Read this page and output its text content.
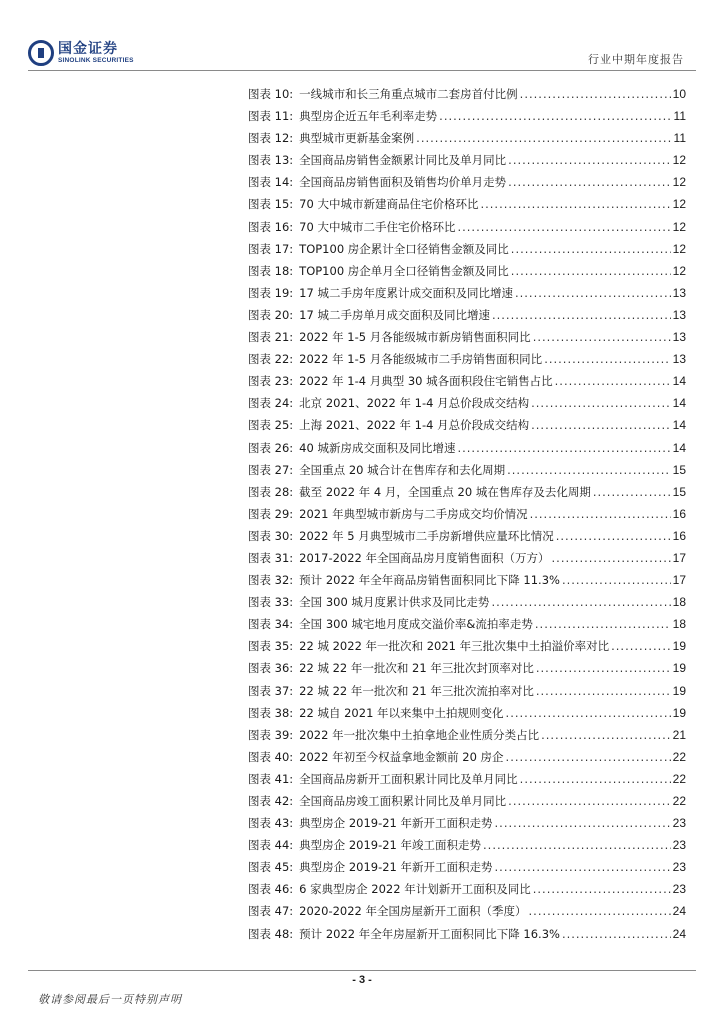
国金证券
SINOLINK SECURITIES	行业中期年度报告
图表 10: 一线城市和长三角重点城市二套房首付比例 .....	10
图表 11: 典型房企近五年毛利率走势 .....	11
图表 12: 典型城市更新基金案例 .....	11
图表 13: 全国商品房销售金额累计同比及单月同比 .....	12
图表 14: 全国商品房销售面积及销售均价单月走势 .....	12
图表 15: 70 大中城市新建商品住宅价格环比 .....	12
图表 16: 70 大中城市二手住宅价格环比 .....	12
图表 17: TOP100 房企累计全口径销售金额及同比 .....	12
图表 18: TOP100 房企单月全口径销售金额及同比 .....	12
图表 19: 17 城二手房年度累计成交面积及同比增速 .....	13
图表 20: 17 城二手房单月成交面积及同比增速 .....	13
图表 21: 2022 年 1-5 月各能级城市新房销售面积同比 .....	13
图表 22: 2022 年 1-5 月各能级城市二手房销售面积同比 .....	13
图表 23: 2022 年 1-4 月典型 30 城各面积段住宅销售占比 .....	14
图表 24: 北京 2021、2022 年 1-4 月总价段成交结构 .....	14
图表 25: 上海 2021、2022 年 1-4 月总价段成交结构 .....	14
图表 26: 40 城新房成交面积及同比增速 .....	14
图表 27: 全国重点 20 城合计在售库存和去化周期 .....	15
图表 28: 截至 2022 年 4 月，全国重点 20 城在售库存及去化周期 .....	15
图表 29: 2021 年典型城市新房与二手房成交均价情况 .....	16
图表 30: 2022 年 5 月典型城市二手房新增供应量环比情况 .....	16
图表 31: 2017-2022 年全国商品房月度销售面积（万方） .....	17
图表 32: 预计 2022 年全年商品房销售面积同比下降 11.3% .....	17
图表 33: 全国 300 城月度累计供求及同比走势 .....	18
图表 34: 全国 300 城宅地月度成交溢价率&流拍率走势 .....	18
图表 35: 22 城 2022 年一批次和 2021 年三批次集中土拍溢价率对比 .....	19
图表 36: 22 城 22 年一批次和 21 年三批次封顶率对比 .....	19
图表 37: 22 城 22 年一批次和 21 年三批次流拍率对比 .....	19
图表 38: 22 城自 2021 年以来集中土拍规则变化 .....	19
图表 39: 2022 年一批次集中土拍拿地企业性质分类占比 .....	21
图表 40: 2022 年初至今权益拿地金额前 20 房企 .....	22
图表 41: 全国商品房新开工面积累计同比及单月同比 .....	22
图表 42: 全国商品房竣工面积累计同比及单月同比 .....	22
图表 43: 典型房企 2019-21 年新开工面积走势 .....	23
图表 44: 典型房企 2019-21 年竣工面积走势 .....	23
图表 45: 典型房企 2019-21 年新开工面积走势 .....	23
图表 46: 6 家典型房企 2022 年计划新开工面积及同比 .....	23
图表 47: 2020-2022 年全国房屋新开工面积（季度） .....	24
图表 48: 预计 2022 年全年房屋新开工面积同比下降 16.3% .....	24
- 3 -
敬请参阅最后一页特别声明
